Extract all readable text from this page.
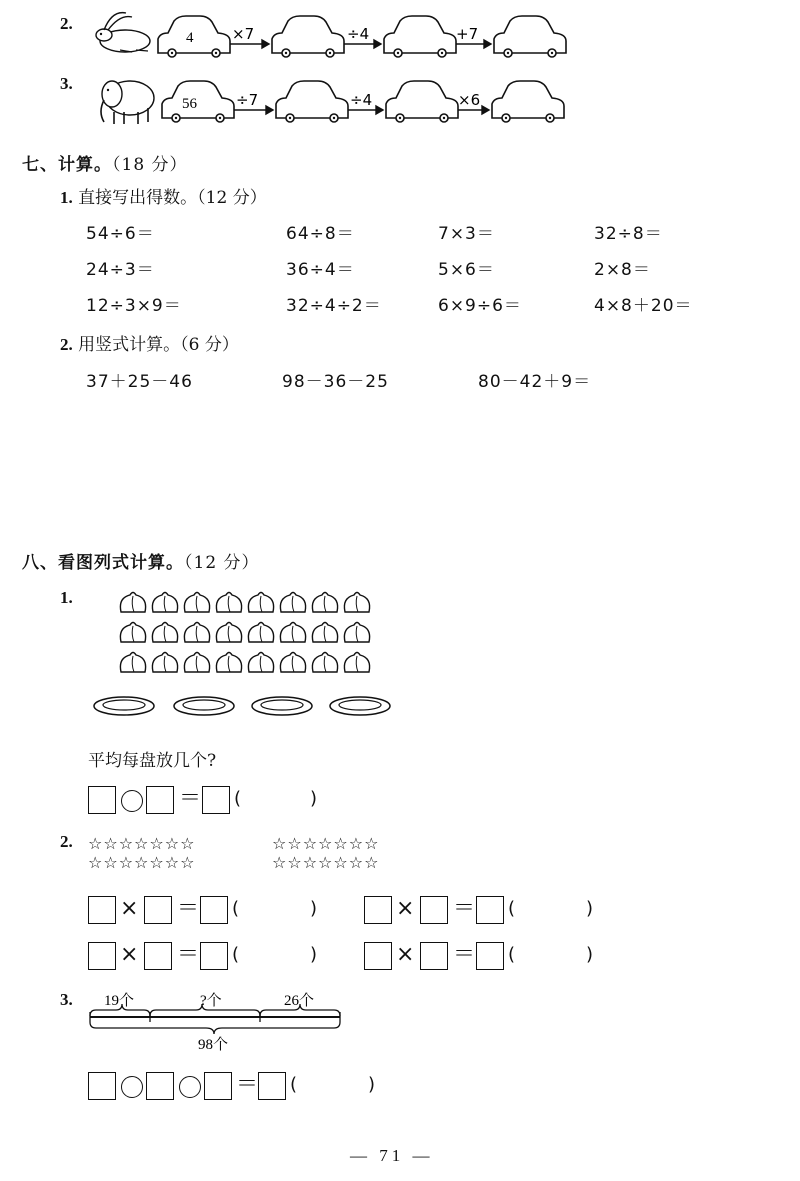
2.
3.
4	×7	÷4	+7
56	÷7	÷4	×6
七、计算。（18 分）
1. 直接写出得数。（12 分）
54÷6＝	64÷8＝	7×3＝	32÷8＝
24÷3＝	36÷4＝	5×6＝	2×8＝
12÷3×9＝	32÷4÷2＝	6×9÷6＝	4×8＋20＝
2. 用竖式计算。（6 分）
37＋25－46	98－36－25	80－42＋9＝
八、看图列式计算。（12 分）
1.
平均每盘放几个?
＝ (	)
2. ☆☆☆☆☆☆☆
☆☆☆☆☆☆☆
☆☆☆☆☆☆☆
☆☆☆☆☆☆☆
× ＝ (	)	× ＝ (	)
× ＝ (	)	× ＝ (	)
3. 19个	?个	26个
98个
＝ (	)
— 71 —
